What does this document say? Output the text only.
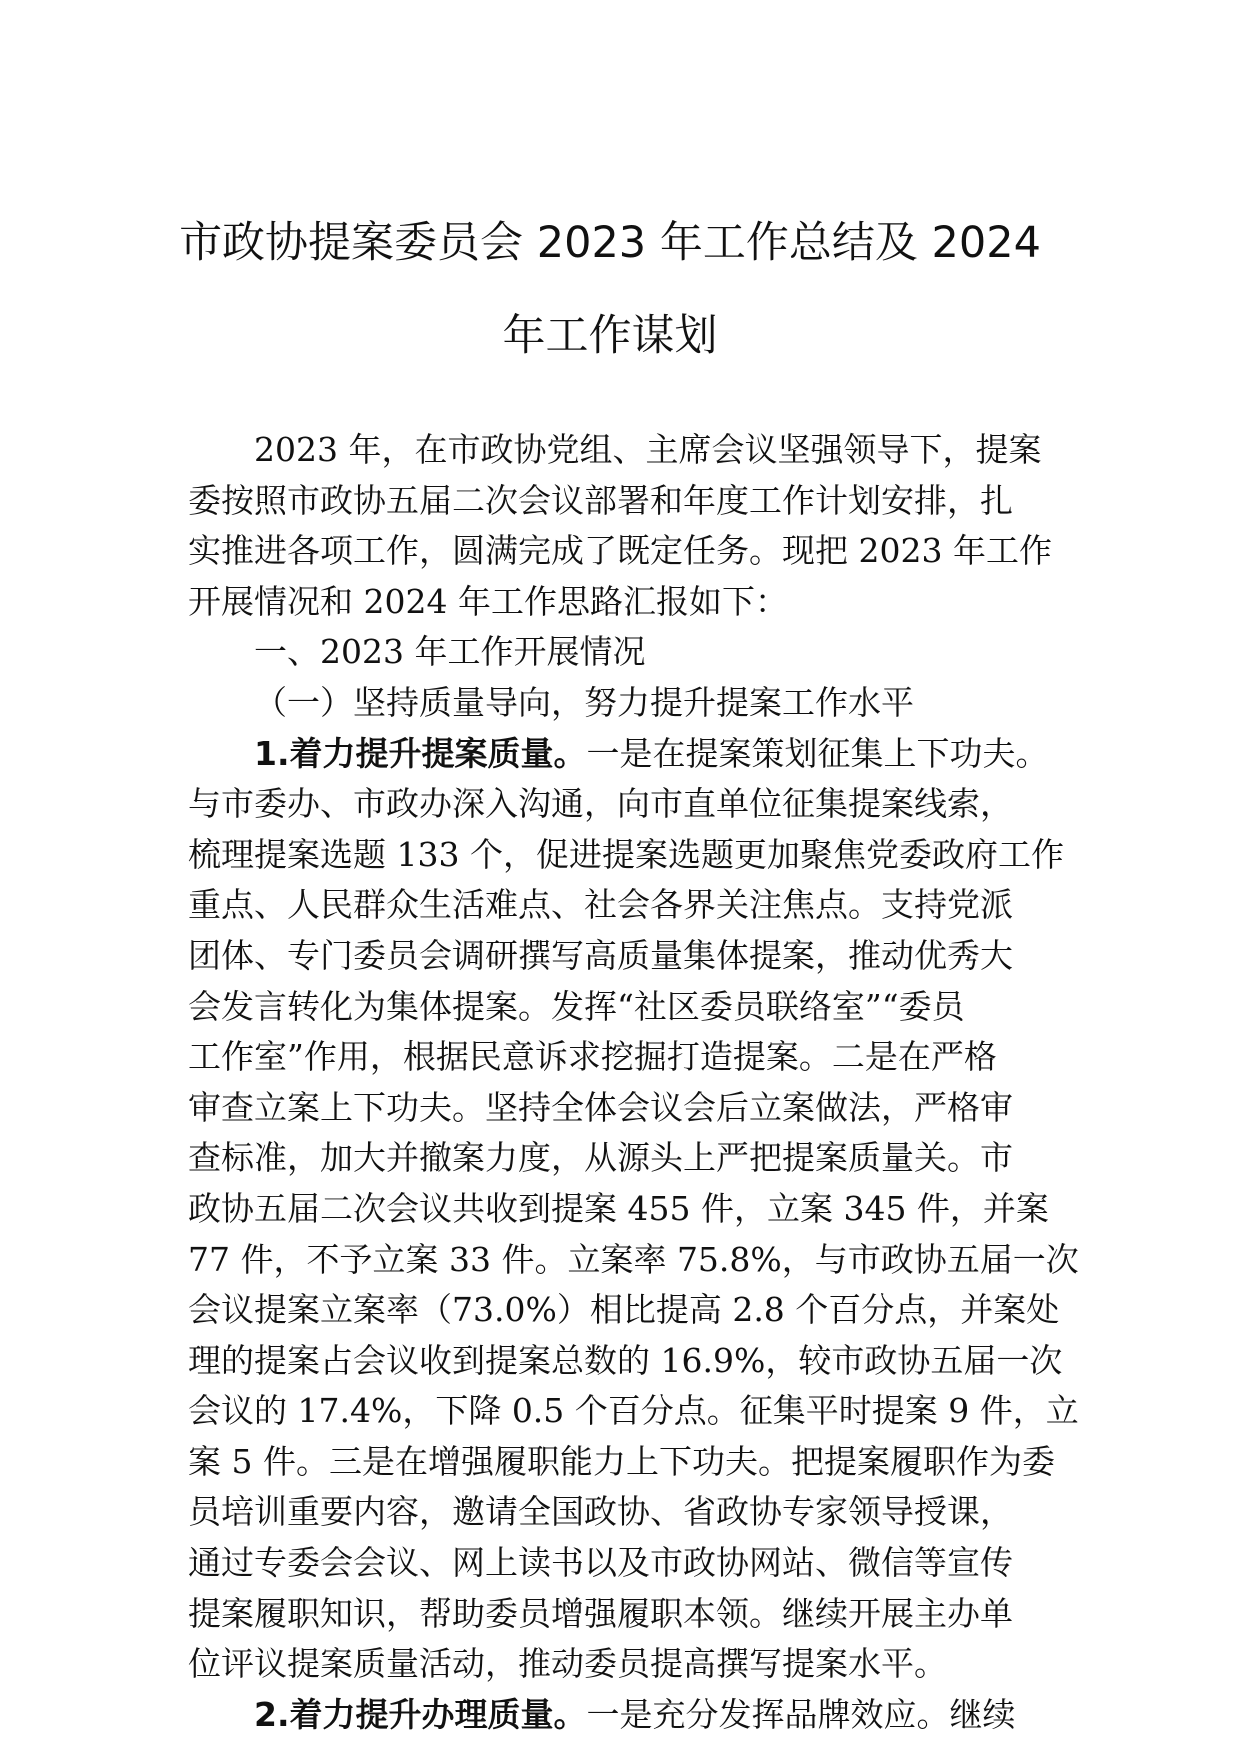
市政协提案委员会 2023 年工作总结及 2024
年工作谋划
2023 年，在市政协党组、主席会议坚强领导下，提案
委按照市政协五届二次会议部署和年度工作计划安排，扎
实推进各项工作，圆满完成了既定任务。现把 2023 年工作
开展情况和 2024 年工作思路汇报如下：
一、2023 年工作开展情况
（一）坚持质量导向，努力提升提案工作水平
1.着力提升提案质量。一是在提案策划征集上下功夫。
与市委办、市政办深入沟通，向市直单位征集提案线索，
梳理提案选题 133 个，促进提案选题更加聚焦党委政府工作
重点、人民群众生活难点、社会各界关注焦点。支持党派
团体、专门委员会调研撰写高质量集体提案，推动优秀大
会发言转化为集体提案。发挥“社区委员联络室”“委员
工作室”作用，根据民意诉求挖掘打造提案。二是在严格
审查立案上下功夫。坚持全体会议会后立案做法，严格审
查标准，加大并撤案力度，从源头上严把提案质量关。市
政协五届二次会议共收到提案 455 件，立案 345 件，并案
77 件，不予立案 33 件。立案率 75.8%，与市政协五届一次
会议提案立案率（73.0%）相比提高 2.8 个百分点，并案处
理的提案占会议收到提案总数的 16.9%，较市政协五届一次
会议的 17.4%，下降 0.5 个百分点。征集平时提案 9 件，立
案 5 件。三是在增强履职能力上下功夫。把提案履职作为委
员培训重要内容，邀请全国政协、省政协专家领导授课，
通过专委会会议、网上读书以及市政协网站、微信等宣传
提案履职知识，帮助委员增强履职本领。继续开展主办单
位评议提案质量活动，推动委员提高撰写提案水平。
2.着力提升办理质量。一是充分发挥品牌效应。继续
